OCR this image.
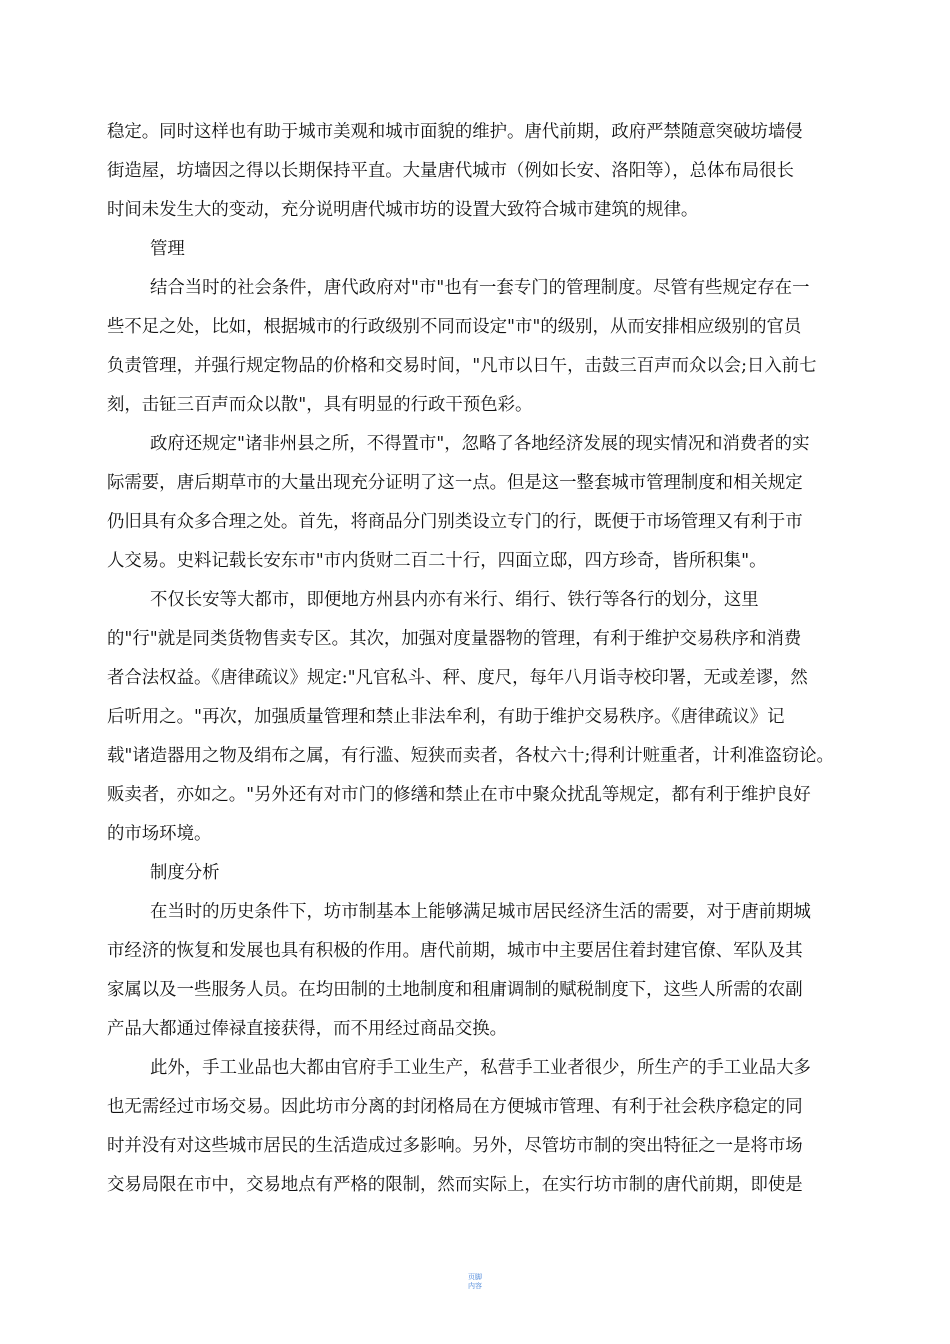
稳定。同时这样也有助于城市美观和城市面貌的维护。唐代前期，政府严禁随意突破坊墙侵
街造屋，坊墙因之得以长期保持平直。大量唐代城市（例如长安、洛阳等），总体布局很长
时间未发生大的变动，充分说明唐代城市坊的设置大致符合城市建筑的规律。
管理
结合当时的社会条件，唐代政府对"市"也有一套专门的管理制度。尽管有些规定存在一
些不足之处，比如，根据城市的行政级别不同而设定"市"的级别，从而安排相应级别的官员
负责管理，并强行规定物品的价格和交易时间，"凡市以日午，击鼓三百声而众以会;日入前七
刻，击钲三百声而众以散"，具有明显的行政干预色彩。
政府还规定"诸非州县之所，不得置市"，忽略了各地经济发展的现实情况和消费者的实
际需要，唐后期草市的大量出现充分证明了这一点。但是这一整套城市管理制度和相关规定
仍旧具有众多合理之处。首先，将商品分门别类设立专门的行，既便于市场管理又有利于市
人交易。史料记载长安东市"市内货财二百二十行，四面立邸，四方珍奇，皆所积集"。
不仅长安等大都市，即便地方州县内亦有米行、绢行、铁行等各行的划分，这里
的"行"就是同类货物售卖专区。其次，加强对度量器物的管理，有利于维护交易秩序和消费
者合法权益。《唐律疏议》规定:"凡官私斗、秤、度尺，每年八月诣寺校印署，无或差谬，然
后听用之。"再次，加强质量管理和禁止非法牟利，有助于维护交易秩序。《唐律疏议》记
载"诸造器用之物及绢布之属，有行滥、短狭而卖者，各杖六十;得利计赃重者，计利准盗窃论。
贩卖者，亦如之。"另外还有对市门的修缮和禁止在市中聚众扰乱等规定，都有利于维护良好
的市场环境。
制度分析
在当时的历史条件下，坊市制基本上能够满足城市居民经济生活的需要，对于唐前期城
市经济的恢复和发展也具有积极的作用。唐代前期，城市中主要居住着封建官僚、军队及其
家属以及一些服务人员。在均田制的土地制度和租庸调制的赋税制度下，这些人所需的农副
产品大都通过俸禄直接获得，而不用经过商品交换。
此外，手工业品也大都由官府手工业生产，私营手工业者很少，所生产的手工业品大多
也无需经过市场交易。因此坊市分离的封闭格局在方便城市管理、有利于社会秩序稳定的同
时并没有对这些城市居民的生活造成过多影响。另外，尽管坊市制的突出特征之一是将市场
交易局限在市中，交易地点有严格的限制，然而实际上，在实行坊市制的唐代前期，即使是
页脚
内容
